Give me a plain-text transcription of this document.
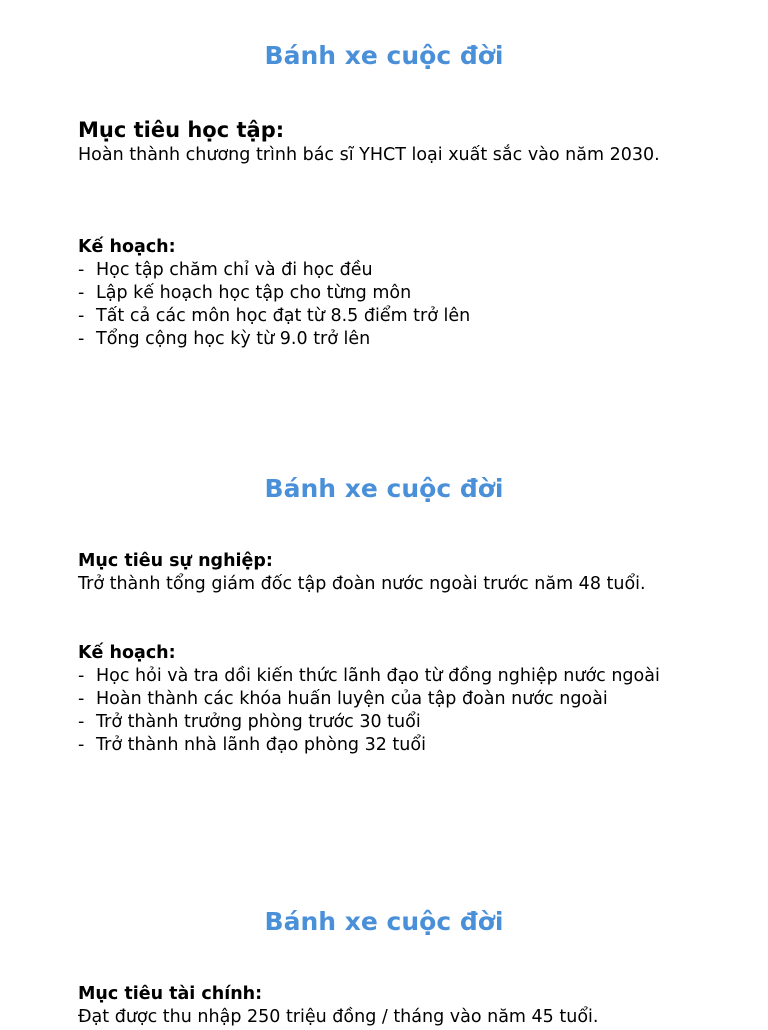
Bánh xe cuộc đời
Mục tiêu học tập:
Hoàn thành chương trình bác sĩ YHCT loại xuất sắc vào năm 2030.
Kế hoạch:
- Học tập chăm chỉ và đi học đều
- Lập kế hoạch học tập cho từng môn
- Tất cả các môn học đạt từ 8.5 điểm trở lên
- Tổng cộng học kỳ từ 9.0 trở lên
Bánh xe cuộc đời
Mục tiêu sự nghiệp:
Trở thành tổng giám đốc tập đoàn nước ngoài trước năm 48 tuổi.
Kế hoạch:
- Học hỏi và tra dồi kiến thức lãnh đạo từ đồng nghiệp nước ngoài
- Hoàn thành các khóa huấn luyện của tập đoàn nước ngoài
- Trở thành trưởng phòng trước 30 tuổi
- Trở thành nhà lãnh đạo phòng 32 tuổi
Bánh xe cuộc đời
Mục tiêu tài chính:
Đạt được thu nhập 250 triệu đồng / tháng vào năm 45 tuổi.
